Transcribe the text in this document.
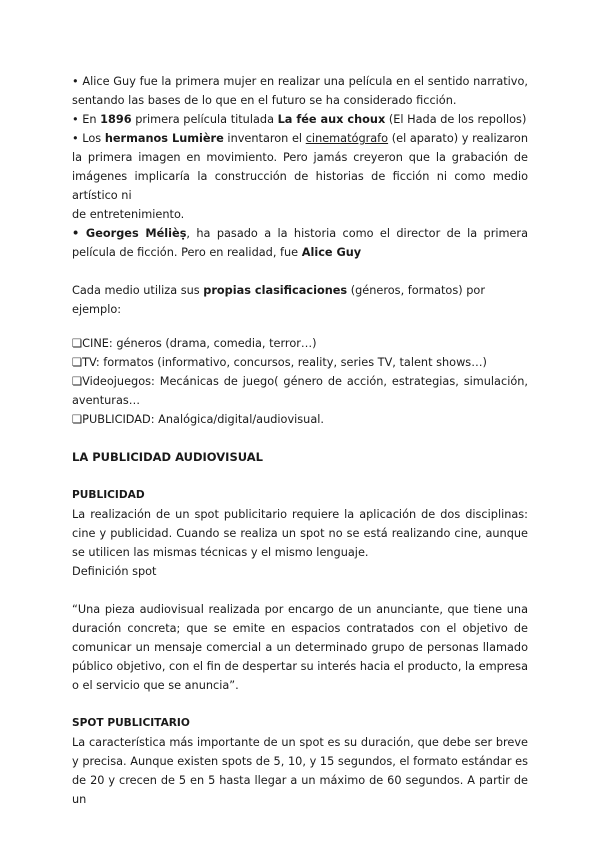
• Alice Guy fue la primera mujer en realizar una película en el sentido narrativo, sentando las bases de lo que en el futuro se ha considerado ficción.

• En 1896 primera película titulada La fée aux choux (El Hada de los repollos)

• Los hermanos Lumière inventaron el cinematógrafo (el aparato) y realizaron la primera imagen en movimiento. Pero jamás creyeron que la grabación de imágenes implicaría la construcción de historias de ficción ni como medio artístico ni

de entretenimiento.

• Georges Mélièṣ, ha pasado a la historia como el director de la primera película de ficción. Pero en realidad, fue Alice Guy

Cada medio utiliza sus propias clasificaciones (géneros, formatos) por ejemplo:

❏CINE: géneros (drama, comedia, terror…)

❏TV: formatos (informativo, concursos, reality, series TV, talent shows…)

❏Videojuegos: Mecánicas de juego( género de acción, estrategias, simulación, aventuras…

❏PUBLICIDAD: Analógica/digital/audiovisual.

LA PUBLICIDAD AUDIOVISUAL
PUBLICIDAD

La realización de un spot publicitario requiere la aplicación de dos disciplinas: cine y publicidad. Cuando se realiza un spot no se está realizando cine, aunque se utilicen las mismas técnicas y el mismo lenguaje.

Definición spot

“Una pieza audiovisual realizada por encargo de un anunciante, que tiene una duración concreta; que se emite en espacios contratados con el objetivo de comunicar un mensaje comercial a un determinado grupo de personas llamado público objetivo, con el fin de despertar su interés hacia el producto, la empresa o el servicio que se anuncia”.

SPOT PUBLICITARIO

La característica más importante de un spot es su duración, que debe ser breve y precisa. Aunque existen spots de 5, 10, y 15 segundos, el formato estándar es de 20 y crecen de 5 en 5 hasta llegar a un máximo de 60 segundos. A partir de un
